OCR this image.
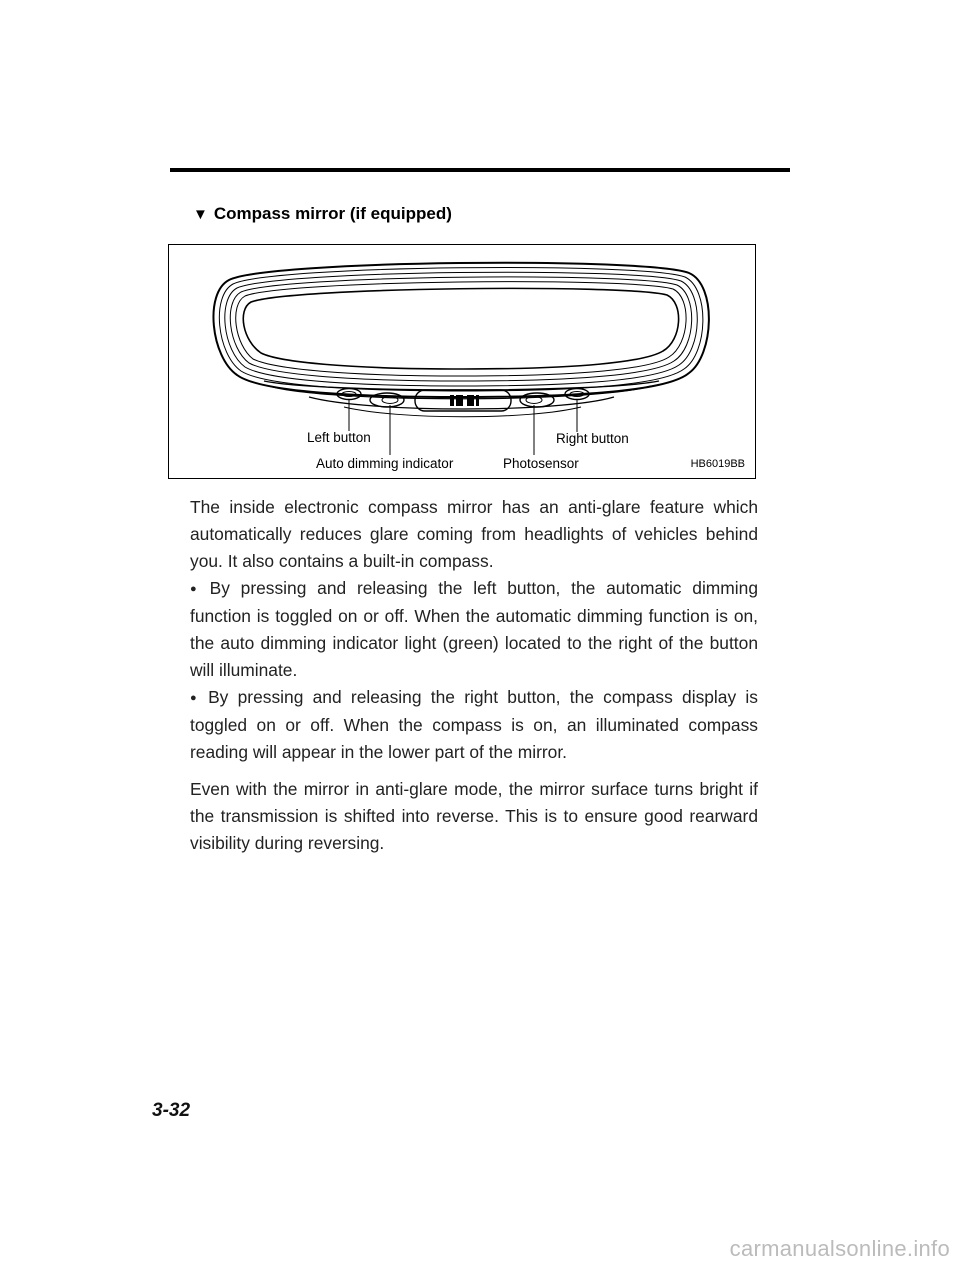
▼ Compass mirror (if equipped)
Left button
Auto dimming indicator	Photosensor
Right button
HB6019BB

The inside electronic compass mirror has an anti-glare feature which automatically reduces glare coming from headlights of vehicles behind you. It also contains a built-in compass.

● By pressing and releasing the left button, the automatic dimming function is toggled on or off. When the automatic dimming function is on, the auto dimming indicator light (green) located to the right of the button will illuminate.

● By pressing and releasing the right button, the compass display is toggled on or off. When the compass is on, an illuminated compass reading will appear in the lower part of the mirror.

Even with the mirror in anti-glare mode, the mirror surface turns bright if the transmission is shifted into reverse. This is to ensure good rearward visibility during reversing.

3-32
carmanualsonline.info
